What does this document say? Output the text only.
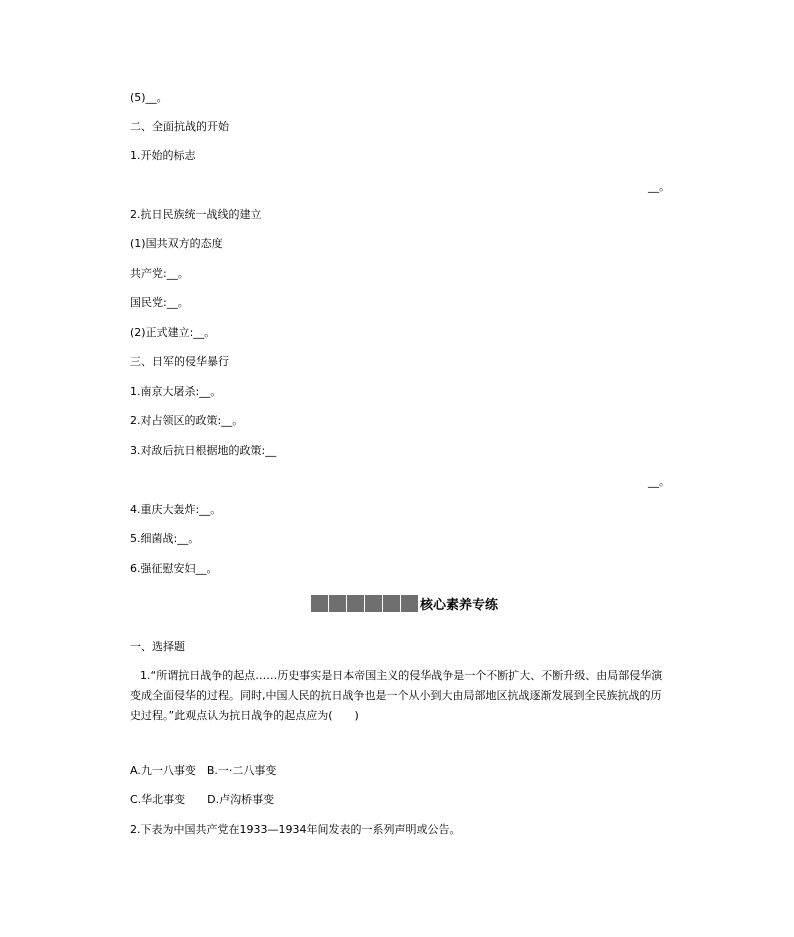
(5)__。
二、全面抗战的开始
1.开始的标志
__。
2.抗日民族统一战线的建立
(1)国共双方的态度
共产党:__。
国民党:__。
(2)正式建立:__。
三、日军的侵华暴行
1.南京大屠杀:__。
2.对占领区的政策:__。
3.对敌后抗日根据地的政策:__
__。
4.重庆大轰炸:__。
5.细菌战:__。
6.强征慰安妇__。
核心素养专练
一、选择题
1.“所谓抗日战争的起点……历史事实是日本帝国主义的侵华战争是一个不断扩大、不断升级、由局部侵华演变成全面侵华的过程。同时,中国人民的抗日战争也是一个从小到大由局部地区抗战逐渐发展到全民族抗战的历史过程。”此观点认为抗日战争的起点应为(　　)
A.九一八事变　B.一·二八事变
C.华北事变　　D.卢沟桥事变
2.下表为中国共产党在1933—1934年间发表的一系列声明或公告。
